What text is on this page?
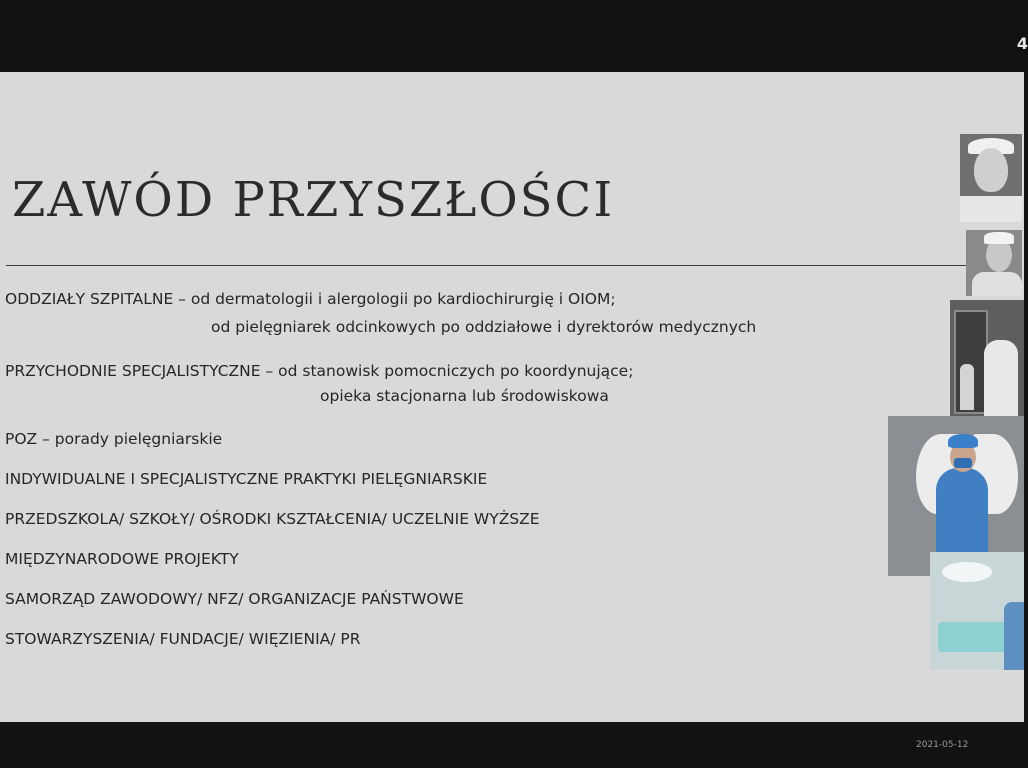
4
ZAWÓD PRZYSZŁOŚCI
ODDZIAŁY SZPITALNE – od dermatologii i alergologii po kardiochirurgię i OIOM;
od pielęgniarek odcinkowych po oddziałowe i dyrektorów medycznych
PRZYCHODNIE SPECJALISTYCZNE – od stanowisk pomocniczych po koordynujące;
opieka stacjonarna lub środowiskowa
POZ – porady pielęgniarskie
INDYWIDUALNE I SPECJALISTYCZNE PRAKTYKI PIELĘGNIARSKIE
PRZEDSZKOLA/ SZKOŁY/ OŚRODKI KSZTAŁCENIA/ UCZELNIE WYŻSZE
MIĘDZYNARODOWE PROJEKTY
SAMORZĄD ZAWODOWY/ NFZ/ ORGANIZACJE PAŃSTWOWE
STOWARZYSZENIA/ FUNDACJE/ WIĘZIENIA/ PR
2021-05-12
